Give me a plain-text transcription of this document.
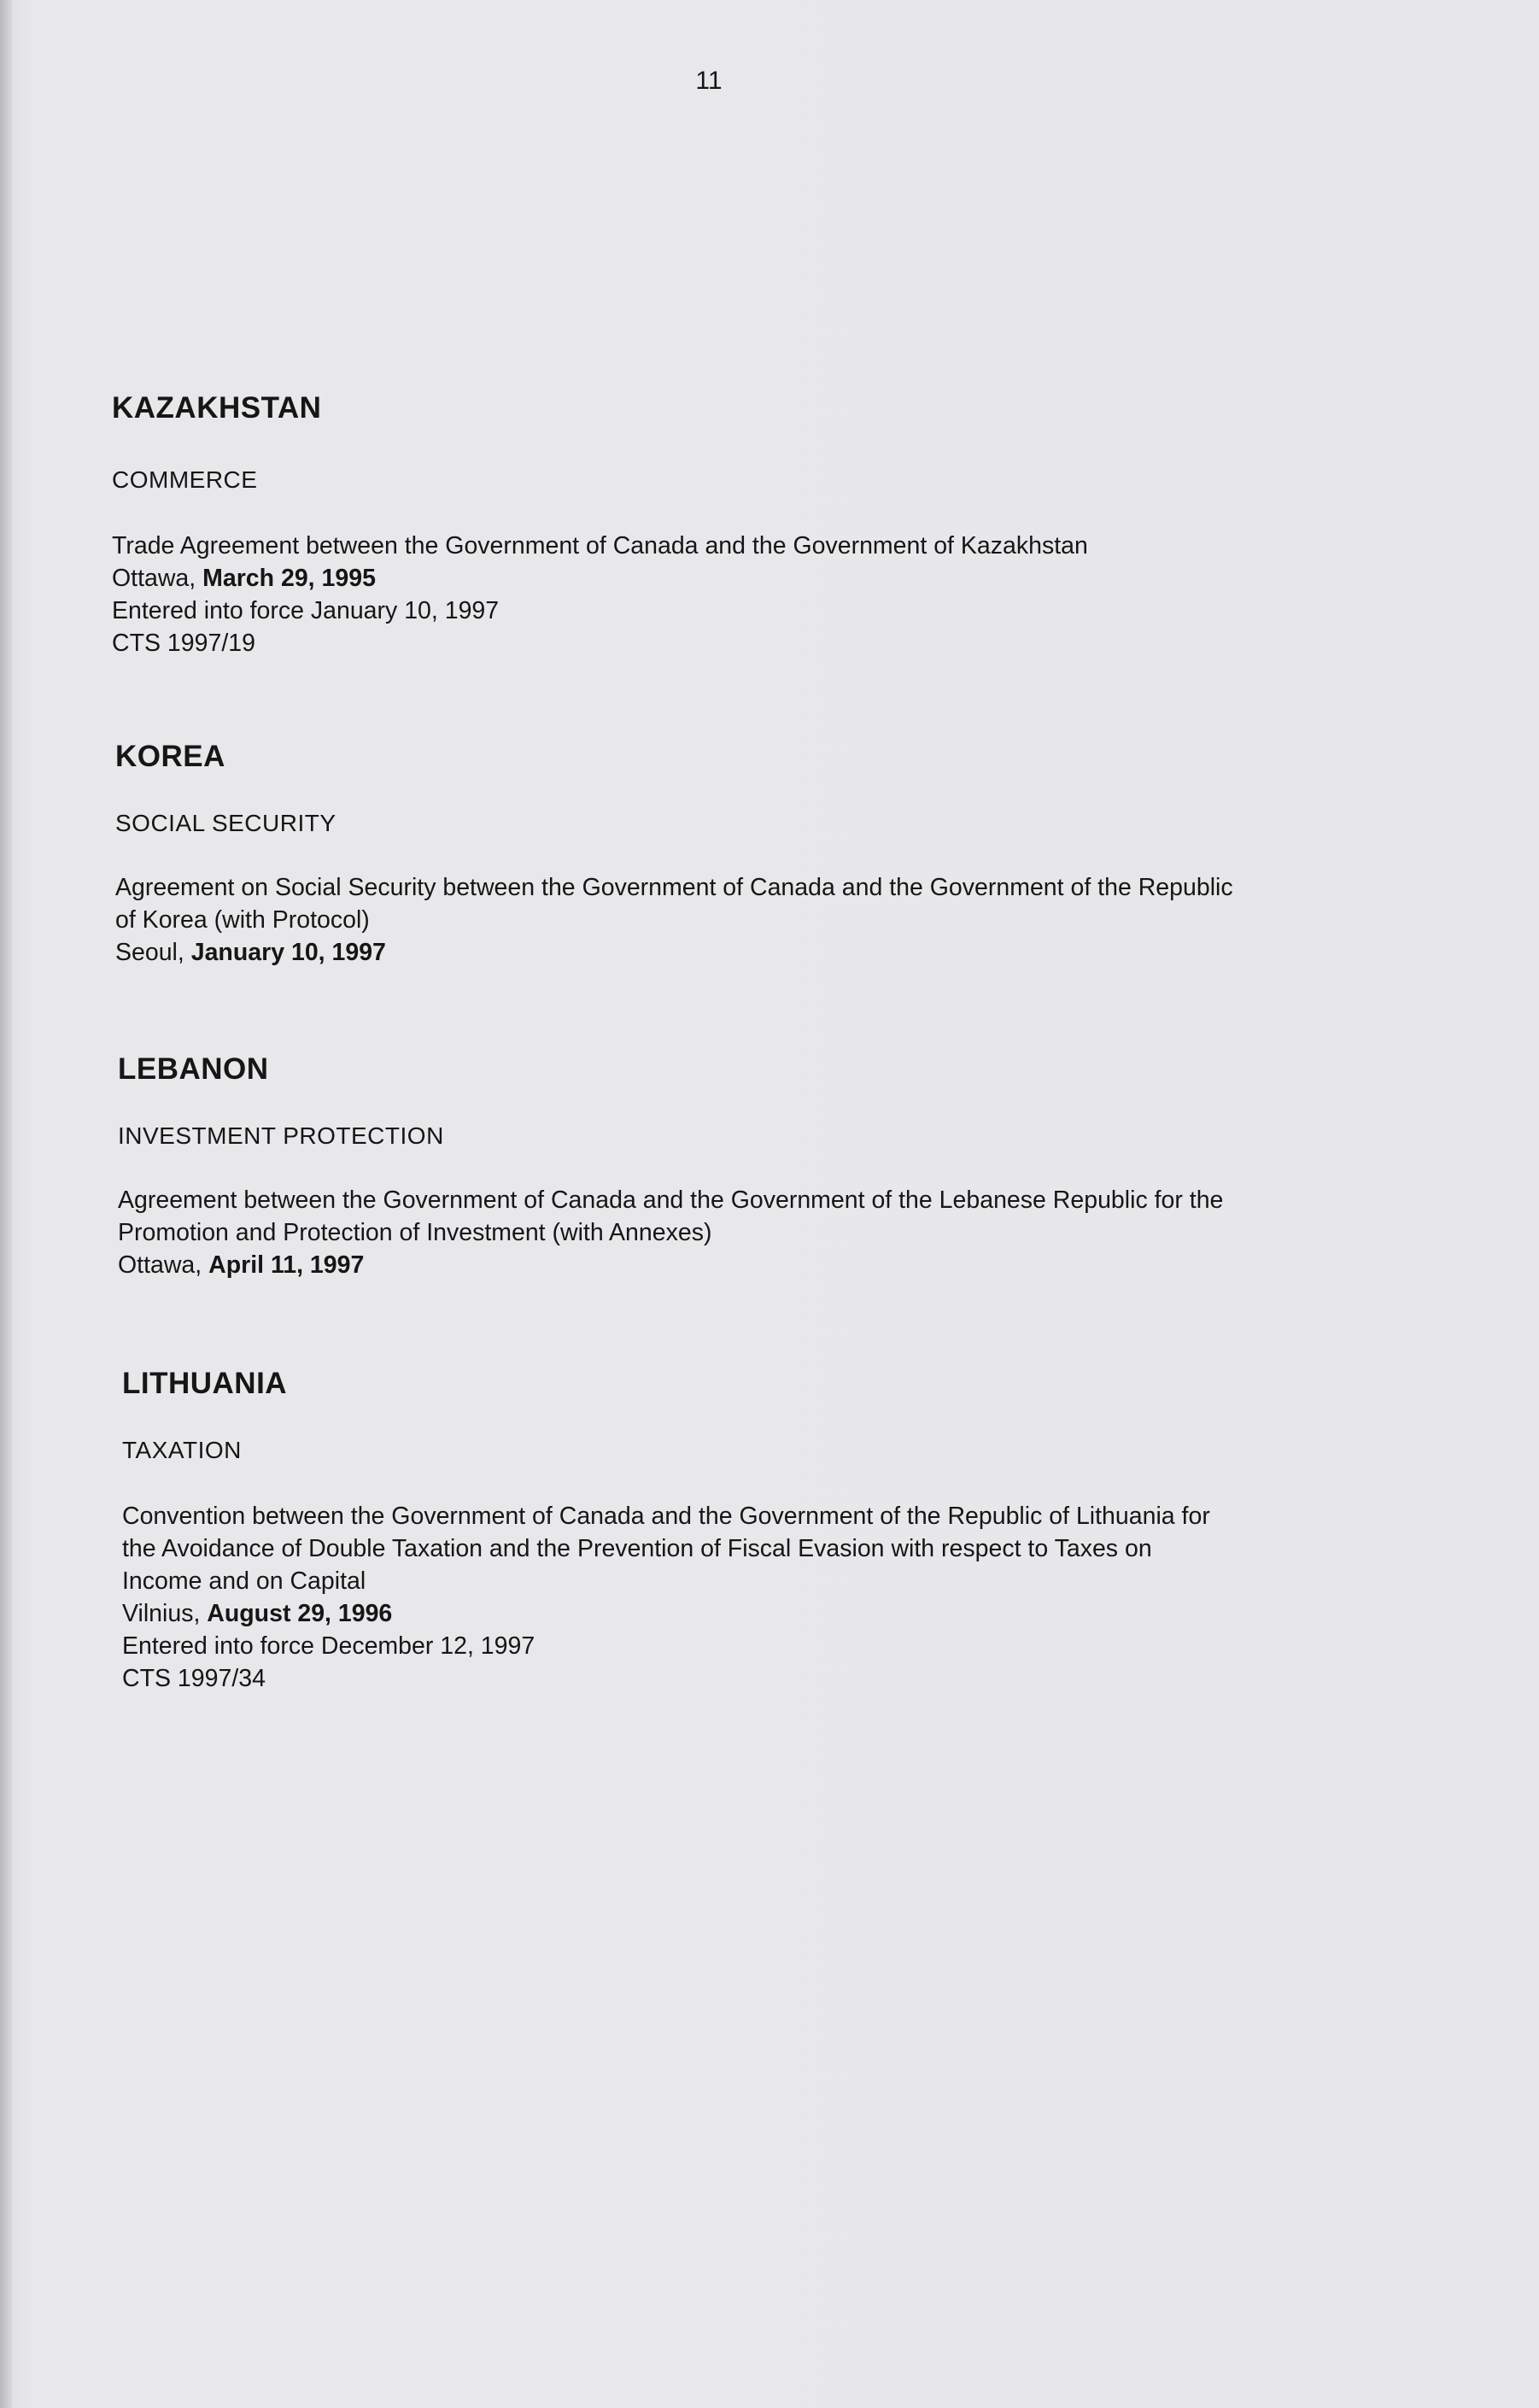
11
KAZAKHSTAN
COMMERCE
Trade Agreement between the Government of Canada and the Government of Kazakhstan
Ottawa, March 29, 1995
Entered into force January 10, 1997
CTS 1997/19
KOREA
SOCIAL SECURITY
Agreement on Social Security between the Government of Canada and the Government of the Republic
of Korea (with Protocol)
Seoul, January 10, 1997
LEBANON
INVESTMENT PROTECTION
Agreement between the Government of Canada and the Government of the Lebanese Republic for the
Promotion and Protection of Investment (with Annexes)
Ottawa, April 11, 1997
LITHUANIA
TAXATION
Convention between the Government of Canada and the Government of the Republic of Lithuania for
the Avoidance of Double Taxation and the Prevention of Fiscal Evasion with respect to Taxes on
Income and on Capital
Vilnius, August 29, 1996
Entered into force December 12, 1997
CTS 1997/34
